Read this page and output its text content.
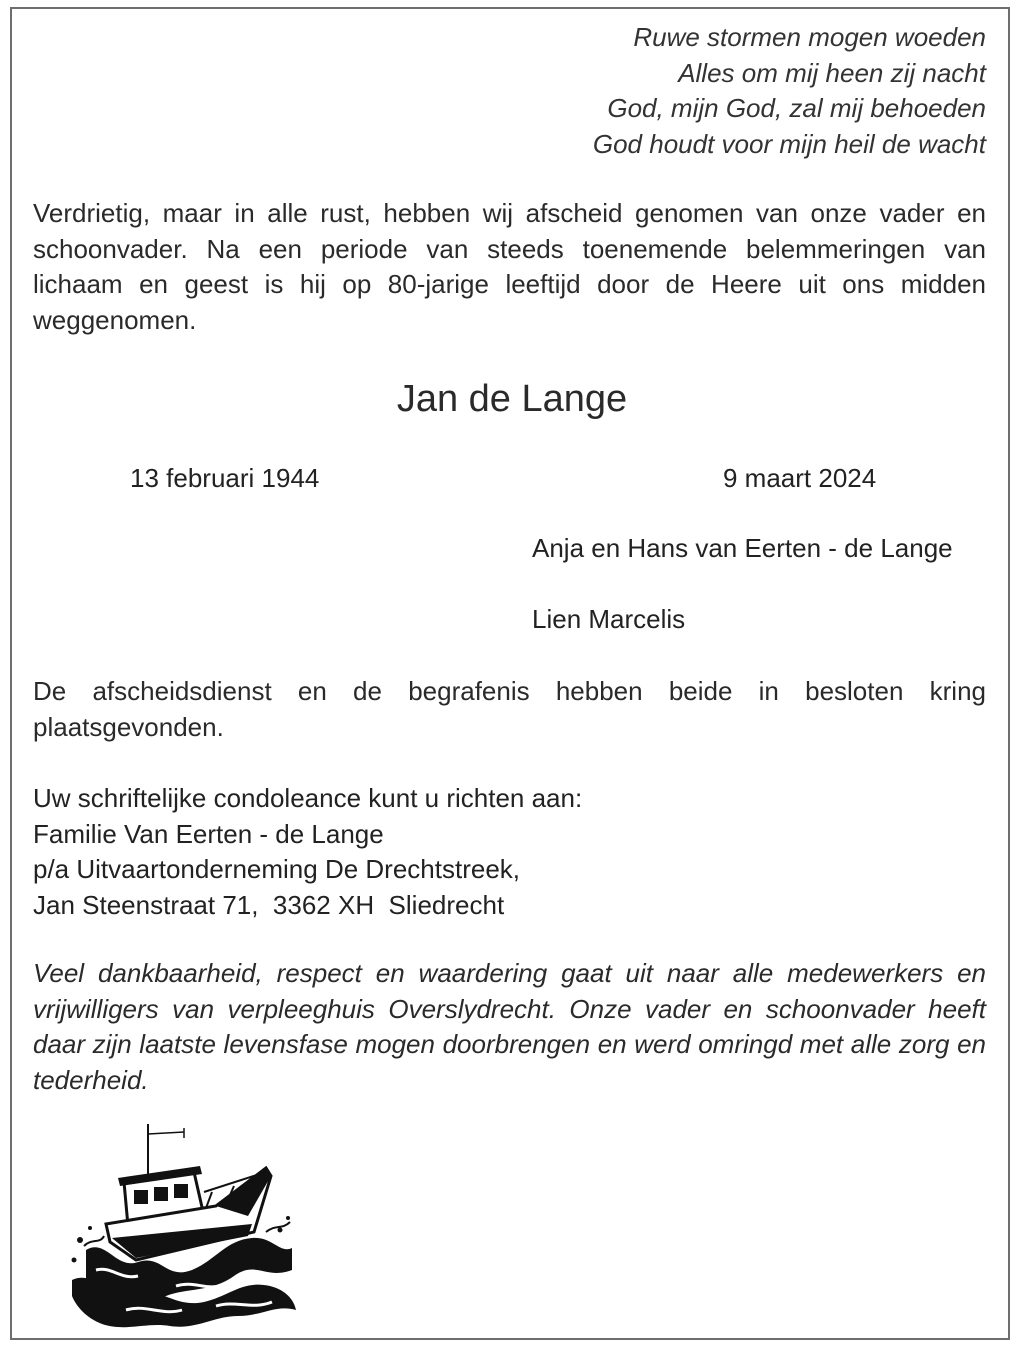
Ruwe stormen mogen woeden
Alles om mij heen zij nacht
God, mijn God, zal mij behoeden
God houdt voor mijn heil de wacht
Verdrietig, maar in alle rust, hebben wij afscheid genomen van onze vader en schoonvader. Na een periode van steeds toenemende belemmeringen van lichaam en geest is hij op 80-jarige leeftijd door de Heere uit ons midden weggenomen.
Jan de Lange
13 februari 1944	9 maart 2024
Anja en Hans van Eerten - de Lange
Lien Marcelis
De afscheidsdienst en de begrafenis hebben beide in besloten kring plaatsgevonden.
Uw schriftelijke condoleance kunt u richten aan:
Familie Van Eerten - de Lange
p/a Uitvaartonderneming De Drechtstreek,
Jan Steenstraat 71,  3362 XH  Sliedrecht
Veel dankbaarheid, respect en waardering gaat uit naar alle medewerkers en vrijwilligers van verpleeghuis Overslydrecht. Onze vader en schoonvader heeft daar zijn laatste levensfase mogen doorbrengen en werd omringd met alle zorg en tederheid.
